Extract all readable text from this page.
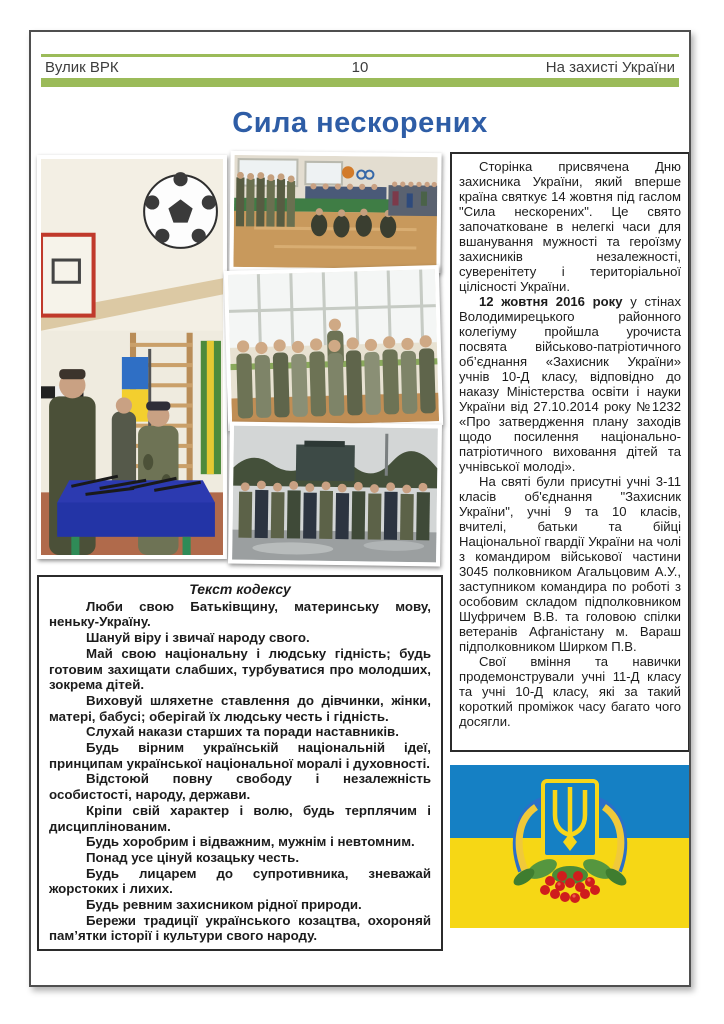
Вулик ВРК	10	На захисті України
Сила нескорених
Текст кодексу

Люби свою Батьківщину, материнську мову, неньку-Україну.

Шануй віру і звичаї народу свого.

Май свою національну і людську гідність; будь готовим захищати слабших, турбуватися про молодших, зокрема дітей.

Виховуй шляхетне ставлення до дівчинки, жінки, матері, бабусі; оберігай їх людську честь і гідність.

Слухай накази старших та поради наставників.

Будь вірним українській національній ідеї, принципам української національної моралі і духовності.

Відстоюй повну свободу і незалежність особистості, народу, держави.

Кріпи свій характер і волю, будь терплячим і дисциплінованим.

Будь хоробрим і відважним, мужнім і невтомним.

Понад усе цінуй козацьку честь.

Будь лицарем до супротивника, зневажай жорстоких і лихих.

Будь ревним захисником рідної природи.

Бережи традиції українського козацтва, охороняй пам’ятки історії і культури свого народу.

Сторінка присвячена Дню захисника України, який вперше країна святкує 14 жовтня під гаслом "Сила нескорених". Це свято започатковане в нелегкі часи для вшанування мужності та героїзму захисників незалежності, суверенітету і територіальної цілісності України.

12 жовтня 2016 року у стінах Володимирецького районного колегіуму пройшла урочиста посвята військово-патріотичного об’єднання «Захисник України» учнів 10-Д класу, відповідно до наказу Міністерства освіти і науки України від 27.10.2014 року №1232 «Про затвердження плану заходів щодо посилення національно-патріотичного виховання дітей та учнівської молоді».

На святі були присутні учні 3-11 класів об'єднання "Захисник України", учні 9 та 10 класів, вчителі, батьки та бійці Національної гвардії України на чолі з командиром військової частини 3045 полковником Агальцовим А.У., заступником командира по роботі з особовим складом підполковником Шуфричем В.В. та головою спілки ветеранів Афганістану м. Вараш підполковником Ширком П.В.

Свої вміння та навички продемонстрували учні 11-Д класу та учні 10-Д класу, які за такий короткий проміжок часу багато чого досягли.
